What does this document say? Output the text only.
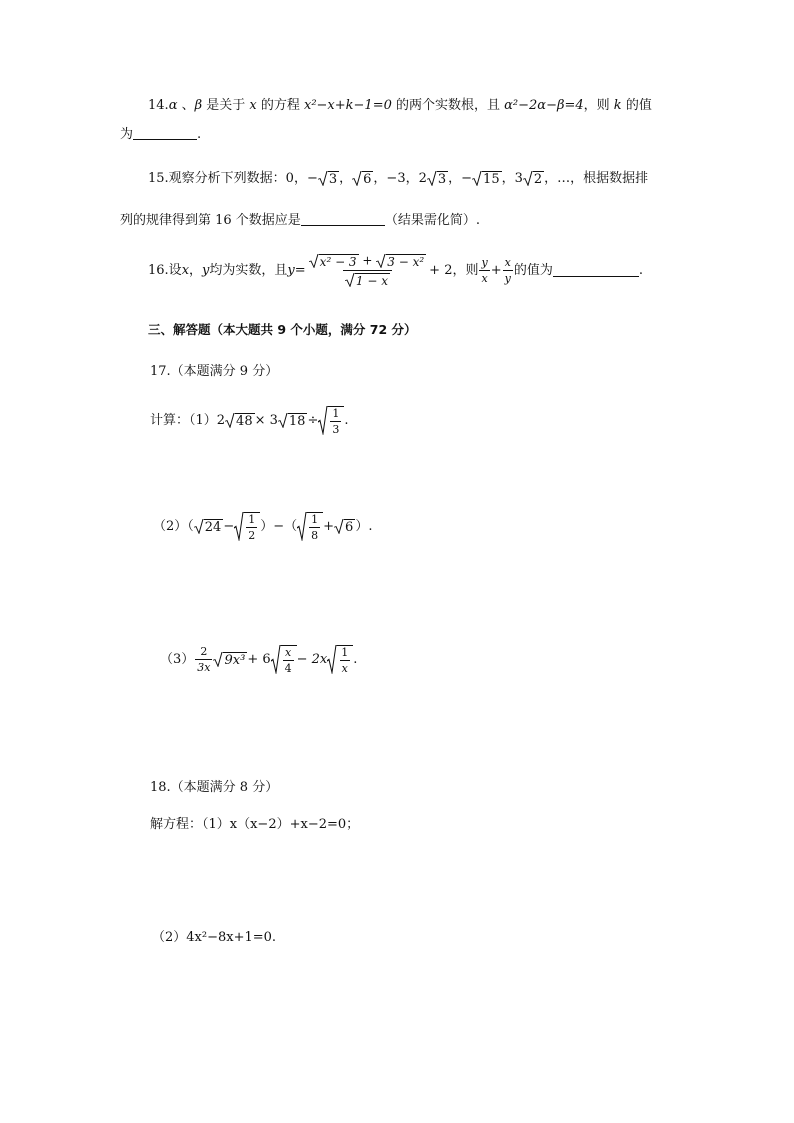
14.α 、β 是关于 x 的方程 x²−x+k−1=0 的两个实数根，且 α²−2α−β=4，则 k 的值
为	.
15.观察分析下列数据：0，− 3 ， 6 ，−3，2 3 ，− 15 ，3 2 ，…，根据数据排
列的规律得到第 16 个数据应是	（结果需化简）.
16.设 x ， y 均为实数，且 $y= \frac{\text{x² − 3 + 3 − x²}}{1 - x} + 2$ ，则 $\frac{y}{x} + \frac{x}{y}$ 的值为	.
三、解答题（本大题共 9 个小题，满分 72 分）
17.（本题满分 9 分）
计算：（1）2 48 × 3 $18 \div \frac{1}{3}$ .
（2）（ $24 - \frac{1}{2}$ ）−（ $\frac{1}{8} + 6$ ）.
$(3) \frac{2}{3x} 9x^3 + 6 \frac{x}{4} - 2x \frac{1}{x}$ .
18.（本题满分 8 分）
解方程：（1）x（x−2）+x−2=0；
（2）4x²−8x+1=0.
